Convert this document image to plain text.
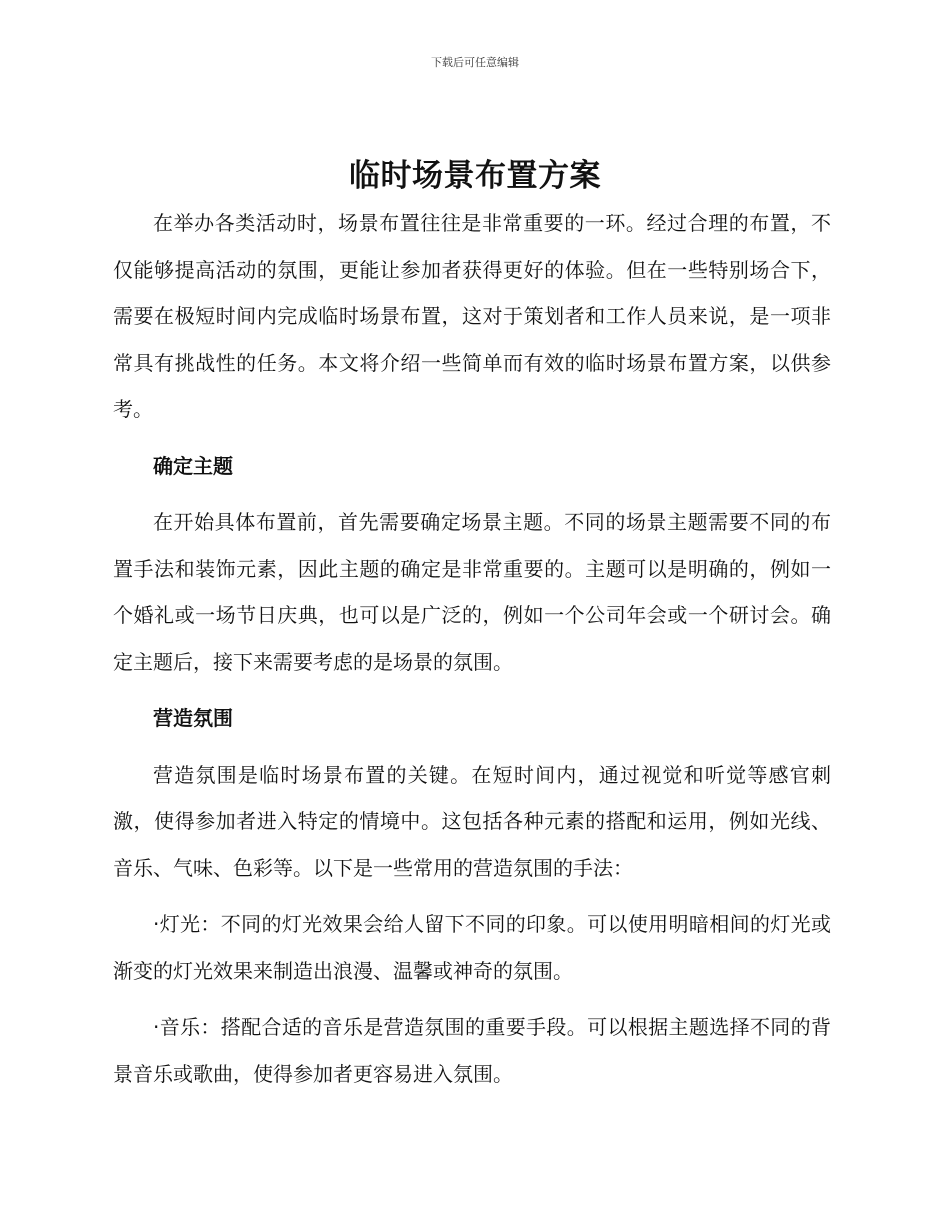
下载后可任意编辑
临时场景布置方案

在举办各类活动时，场景布置往往是非常重要的一环。经过合理的布置，不仅能够提高活动的氛围，更能让参加者获得更好的体验。但在一些特别场合下，需要在极短时间内完成临时场景布置，这对于策划者和工作人员来说，是一项非常具有挑战性的任务。本文将介绍一些简单而有效的临时场景布置方案，以供参考。

确定主题

在开始具体布置前，首先需要确定场景主题。不同的场景主题需要不同的布置手法和装饰元素，因此主题的确定是非常重要的。主题可以是明确的，例如一个婚礼或一场节日庆典，也可以是广泛的，例如一个公司年会或一个研讨会。确定主题后，接下来需要考虑的是场景的氛围。

营造氛围

营造氛围是临时场景布置的关键。在短时间内，通过视觉和听觉等感官刺激，使得参加者进入特定的情境中。这包括各种元素的搭配和运用，例如光线、音乐、气味、色彩等。以下是一些常用的营造氛围的手法：

·灯光：不同的灯光效果会给人留下不同的印象。可以使用明暗相间的灯光或渐变的灯光效果来制造出浪漫、温馨或神奇的氛围。

·音乐：搭配合适的音乐是营造氛围的重要手段。可以根据主题选择不同的背景音乐或歌曲，使得参加者更容易进入氛围。
